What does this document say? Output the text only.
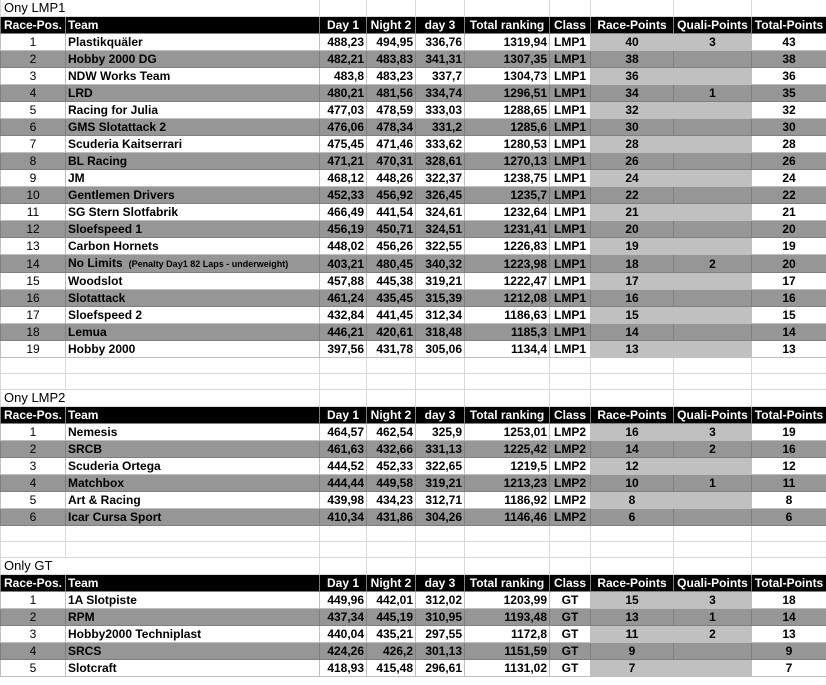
Ony LMP1									
Race-Pos.	Team	Day 1	Night 2	day 3	Total ranking	Class	Race-Points	Quali-Points	Total-Points
1	Plastikquäler	488,23	494,95	336,76	1319,94	LMP1	40	3	43
2	Hobby 2000 DG	482,21	483,83	341,31	1307,35	LMP1	38		38
3	NDW Works Team	483,8	483,23	337,7	1304,73	LMP1	36		36
4	LRD	480,21	481,56	334,74	1296,51	LMP1	34	1	35
5	Racing for Julia	477,03	478,59	333,03	1288,65	LMP1	32		32
6	GMS Slotattack 2	476,06	478,34	331,2	1285,6	LMP1	30		30
7	Scuderia Kaitserrari	475,45	471,46	333,62	1280,53	LMP1	28		28
8	BL Racing	471,21	470,31	328,61	1270,13	LMP1	26		26
9	JM	468,12	448,26	322,37	1238,75	LMP1	24		24
10	Gentlemen Drivers	452,33	456,92	326,45	1235,7	LMP1	22		22
11	SG Stern Slotfabrik	466,49	441,54	324,61	1232,64	LMP1	21		21
12	Sloefspeed 1	456,19	450,71	324,51	1231,41	LMP1	20		20
13	Carbon Hornets	448,02	456,26	322,55	1226,83	LMP1	19		19
14	No Limits (Penalty Day1 82 Laps - underweight)	403,21	480,45	340,32	1223,98	LMP1	18	2	20
15	Woodslot	457,88	445,38	319,21	1222,47	LMP1	17		17
16	Slotattack	461,24	435,45	315,39	1212,08	LMP1	16		16
17	Sloefspeed 2	432,84	441,45	312,34	1186,63	LMP1	15		15
18	Lemua	446,21	420,61	318,48	1185,3	LMP1	14		14
19	Hobby 2000	397,56	431,78	305,06	1134,4	LMP1	13		13

Ony LMP2									
Race-Pos.	Team	Day 1	Night 2	day 3	Total ranking	Class	Race-Points	Quali-Points	Total-Points
1	Nemesis	464,57	462,54	325,9	1253,01	LMP2	16	3	19
2	SRCB	461,63	432,66	331,13	1225,42	LMP2	14	2	16
3	Scuderia Ortega	444,52	452,33	322,65	1219,5	LMP2	12		12
4	Matchbox	444,44	449,58	319,21	1213,23	LMP2	10	1	11
5	Art & Racing	439,98	434,23	312,71	1186,92	LMP2	8		8
6	Icar Cursa Sport	410,34	431,86	304,26	1146,46	LMP2	6		6

Only GT									
Race-Pos.	Team	Day 1	Night 2	day 3	Total ranking	Class	Race-Points	Quali-Points	Total-Points
1	1A Slotpiste	449,96	442,01	312,02	1203,99	GT	15	3	18
2	RPM	437,34	445,19	310,95	1193,48	GT	13	1	14
3	Hobby2000 Techniplast	440,04	435,21	297,55	1172,8	GT	11	2	13
4	SRCS	424,26	426,2	301,13	1151,59	GT	9		9
5	Slotcraft	418,93	415,48	296,61	1131,02	GT	7		7
